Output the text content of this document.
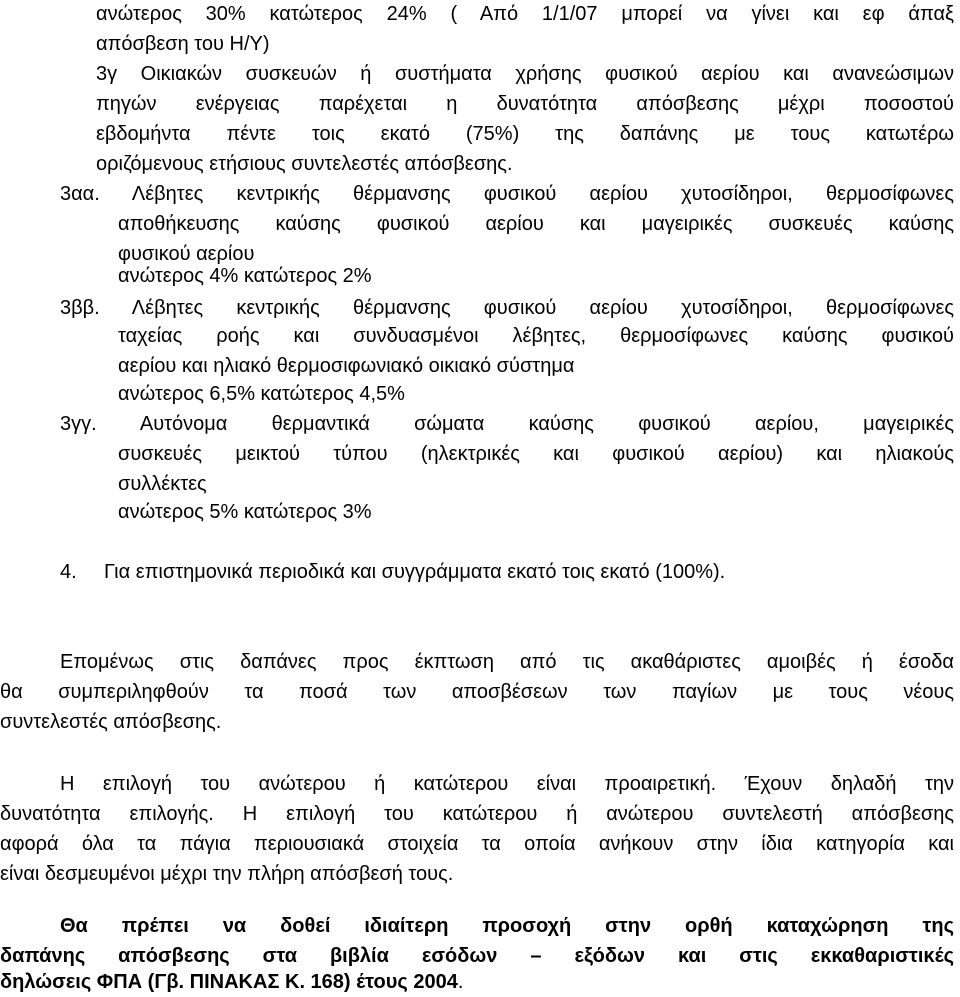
ανώτερος 30% κατώτερος 24% ( Από 1/1/07 μπορεί να γίνει και εφ άπαξ
απόσβεση του Η/Υ)
3γ Οικιακών συσκευών ή συστήματα χρήσης φυσικού αερίου και ανανεώσιμων
πηγών ενέργειας παρέχεται η δυνατότητα απόσβεσης μέχρι ποσοστού
εβδομήντα πέντε τοις εκατό (75%) της δαπάνης με τους κατωτέρω
οριζόμενους ετήσιους συντελεστές απόσβεσης.
3αα. Λέβητες κεντρικής θέρμανσης φυσικού αερίου χυτοσίδηροι, θερμοσίφωνες
αποθήκευσης καύσης φυσικού αερίου και μαγειρικές συσκευές καύσης
φυσικού αερίου
ανώτερος 4% κατώτερος 2%
3ββ. Λέβητες κεντρικής θέρμανσης φυσικού αερίου χυτοσίδηροι, θερμοσίφωνες
ταχείας ροής και συνδυασμένοι λέβητες, θερμοσίφωνες καύσης φυσικού
αερίου και ηλιακό θερμοσιφωνιακό οικιακό σύστημα
ανώτερος 6,5% κατώτερος 4,5%
3γγ. Αυτόνομα θερμαντικά σώματα καύσης φυσικού αερίου, μαγειρικές
συσκευές μεικτού τύπου (ηλεκτρικές και φυσικού αερίου) και ηλιακούς
συλλέκτες
ανώτερος 5% κατώτερος 3%
4. Για επιστημονικά περιοδικά και συγγράμματα εκατό τοις εκατό (100%).
Επομένως στις δαπάνες προς έκπτωση από τις ακαθάριστες αμοιβές ή έσοδα
θα συμπεριληφθούν τα ποσά των αποσβέσεων των παγίων με τους νέους
συντελεστές απόσβεσης.
Η επιλογή του ανώτερου ή κατώτερου είναι προαιρετική. Έχουν δηλαδή την
δυνατότητα επιλογής. Η επιλογή του κατώτερου ή ανώτερου συντελεστή απόσβεσης
αφορά όλα τα πάγια περιουσιακά στοιχεία τα οποία ανήκουν στην ίδια κατηγορία και
είναι δεσμευμένοι μέχρι την πλήρη απόσβεσή τους.
Θα πρέπει να δοθεί ιδιαίτερη προσοχή στην ορθή καταχώρηση της
δαπάνης απόσβεσης στα βιβλία εσόδων – εξόδων και στις εκκαθαριστικές
δηλώσεις ΦΠΑ (Γβ. ΠΙΝΑΚΑΣ Κ. 168) έτους 2004.
